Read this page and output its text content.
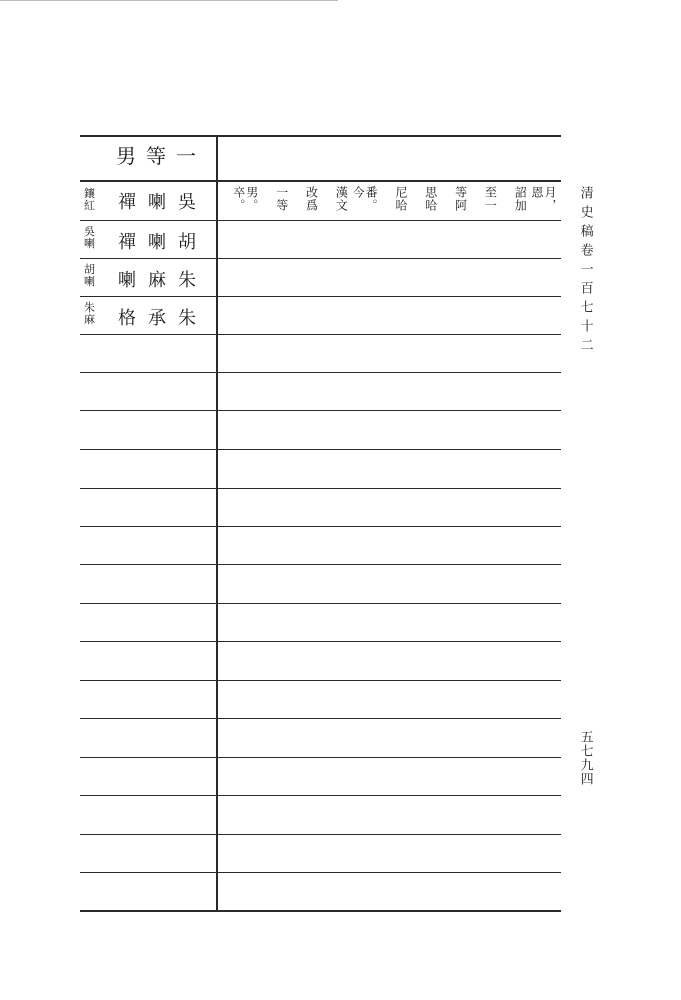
一等男
吳喇禪
鑲紅
胡喇禪
吳喇
朱麻喇
胡喇
朱承格
朱麻
月，恩
詔加
至一
等阿
思哈
尼哈
番。今
漢文
改爲
一等
男。卒。	清史稿卷一百七十二
五七九四
